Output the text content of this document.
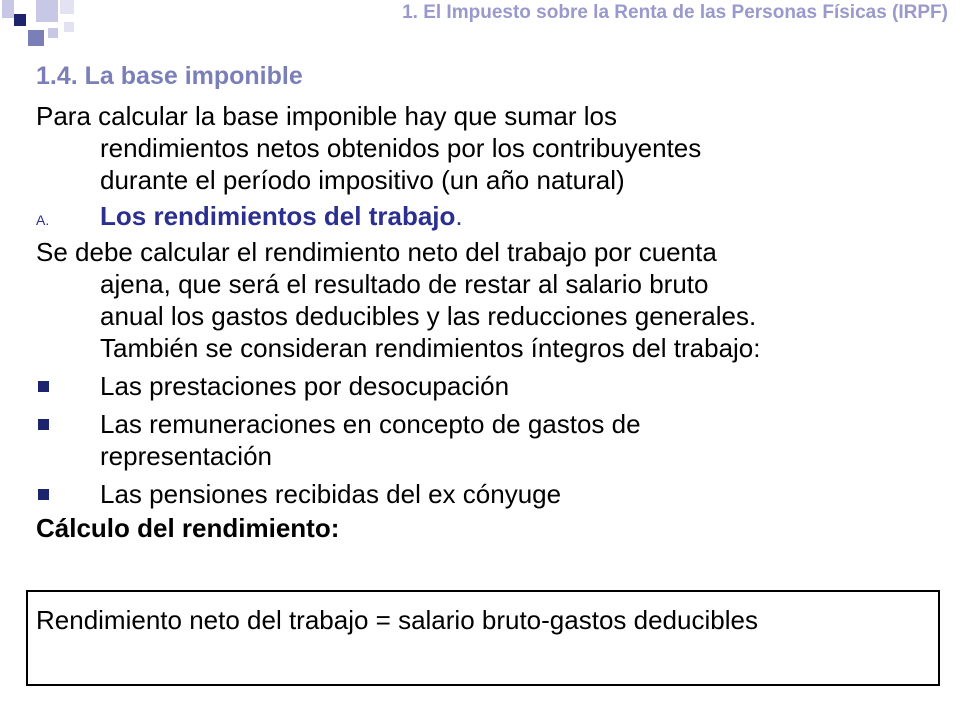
1. El Impuesto sobre la Renta de las Personas Físicas (IRPF)
1.4. La base imponible
Para calcular la base imponible hay que sumar los
rendimientos netos obtenidos por los contribuyentes
durante el período impositivo (un año natural)
A. Los rendimientos del trabajo.
Se debe calcular el rendimiento neto del trabajo por cuenta
ajena, que será el resultado de restar al salario bruto
anual los gastos deducibles y las reducciones generales.
También se consideran rendimientos íntegros del trabajo:
Las prestaciones por desocupación
Las remuneraciones en concepto de gastos de
representación
Las pensiones recibidas del ex cónyuge
Cálculo del rendimiento:
Rendimiento neto del trabajo = salario bruto-gastos deducibles
